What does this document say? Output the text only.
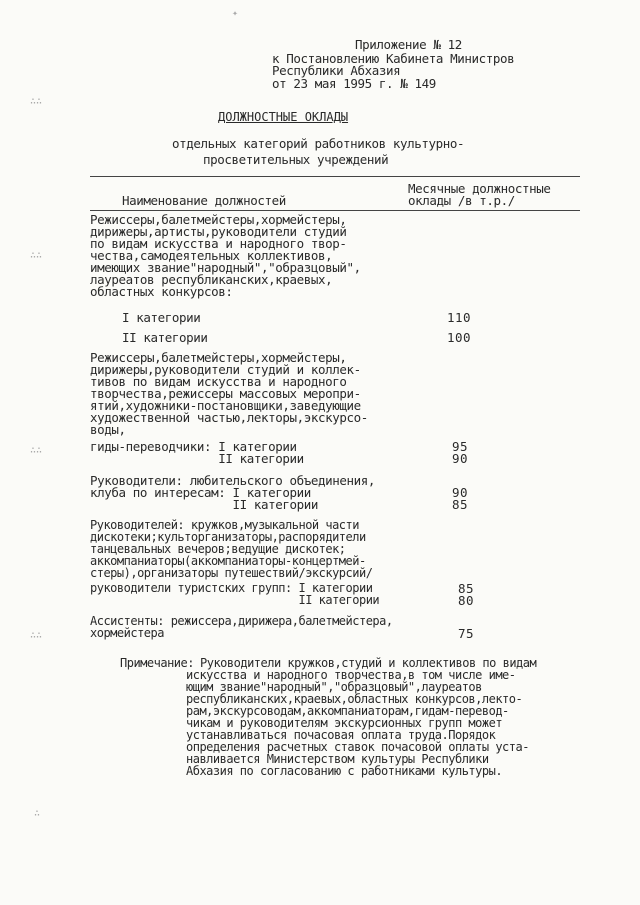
✦
∴∴
∴∴
∴∴
∴∴
∴
Приложение № 12
к Постановлению Кабинета Министров
Республики Абхазия
от 23 мая 1995 г. № 149
ДОЛЖНОСТНЫЕ ОКЛАДЫ
отдельных категорий работников культурно-
просветительных учреждений
Месячные должностные
Наименование должностей	оклады /в т.р./
Режиссеры,балетмейстеры,хормейстеры,
дирижеры,артисты,руководители студий
по видам искусства и народного твор-
чества,самодеятельных коллективов,
имеющих звание"народный","образцовый",
лауреатов республиканских,краевых,
областных конкурсов:
I категории	110
II категории	100
Режиссеры,балетмейстеры,хормейстеры,
дирижеры,руководители студий и коллек-
тивов по видам искусства и народного
творчества,режиссеры массовых меропри-
ятий,художники-постановщики,заведующие
художественной частью,лекторы,экскурсо-
воды,
гиды-переводчики: I категории	95
II категории	90
Руководители: любительского объединения,
клуба по интересам: I категории	90
II категории	85
Руководителей: кружков,музыкальной части
дискотеки;культорганизаторы,распорядители
танцевальных вечеров;ведущие дискотек;
аккомпаниаторы(аккомпаниаторы-концертмей-
стеры),организаторы путешествий/экскурсий/
руководители туристских групп: I категории	85
II категории	80
Ассистенты: режиссера,дирижера,балетмейстера,
хормейстера	75
Примечание: Руководители кружков,студий и коллективов по видам
искусства и народного творчества,в том числе име-
ющим звание"народный","образцовый",лауреатов
республиканских,краевых,областных конкурсов,лекто-
рам,экскурсоводам,аккомпаниаторам,гидам-перевод-
чикам и руководителям экскурсионных групп может
устанавливаться почасовая оплата труда.Порядок
определения расчетных ставок почасовой оплаты уста-
навливается Министерством культуры Республики
Абхазия по согласованию с работниками культуры.
